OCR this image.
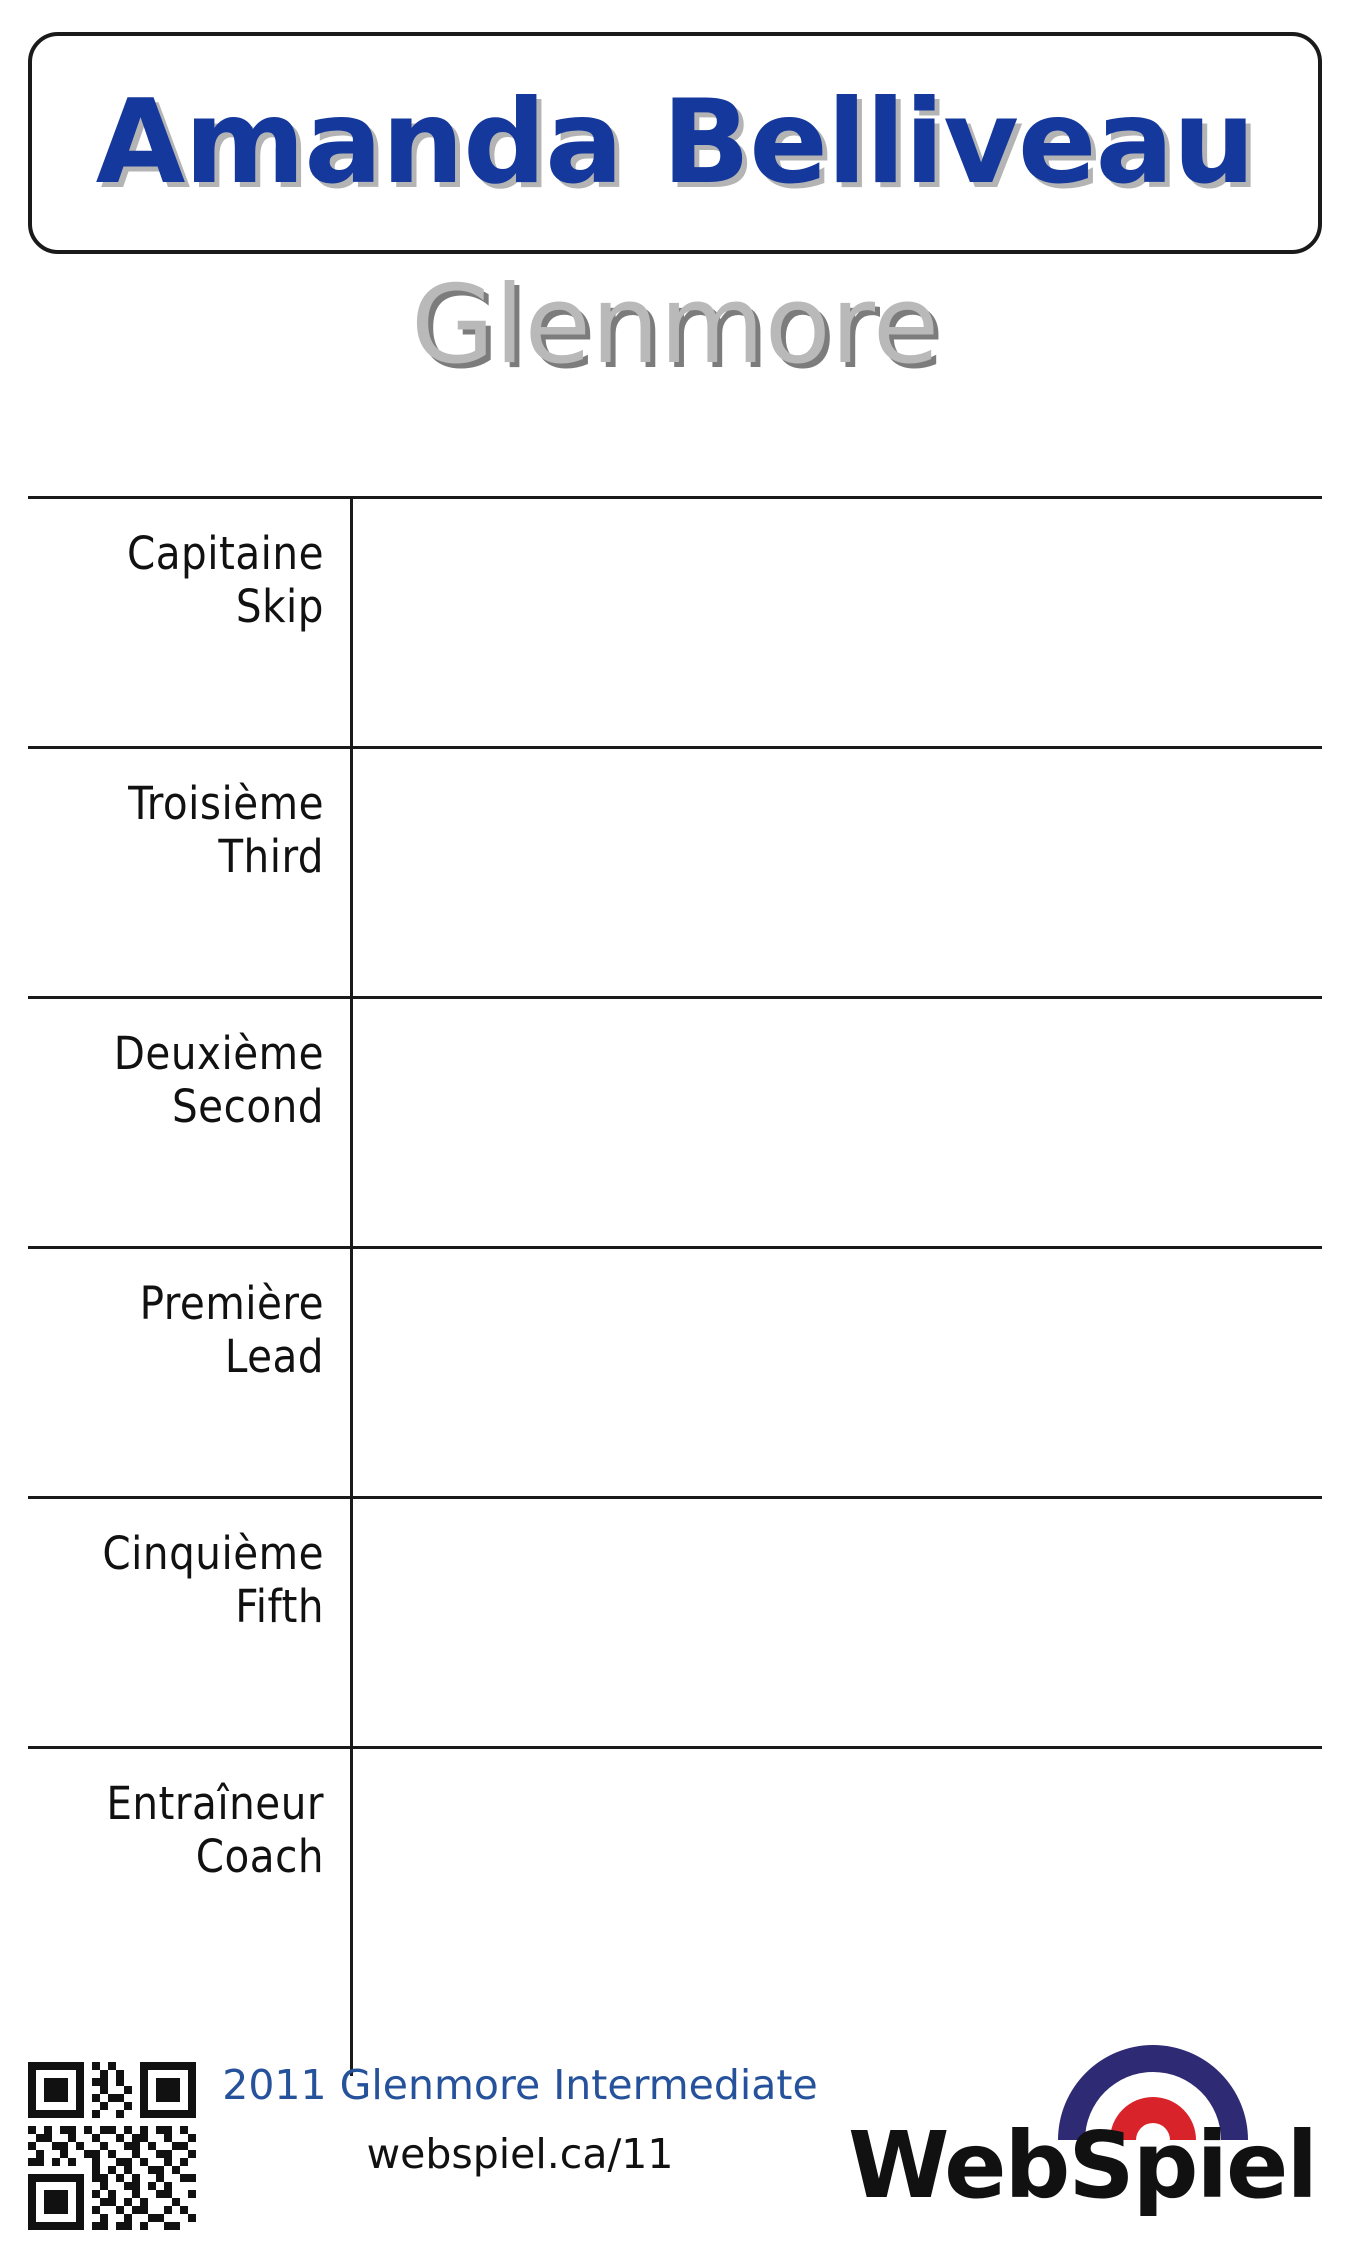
Amanda Belliveau
Glenmore
Capitaine
Skip
Troisième
Third
Deuxième
Second
Première
Lead
Cinquième
Fifth
Entraîneur
Coach
2011 Glenmore Intermediate
webspiel.ca/11	WebSpiel
